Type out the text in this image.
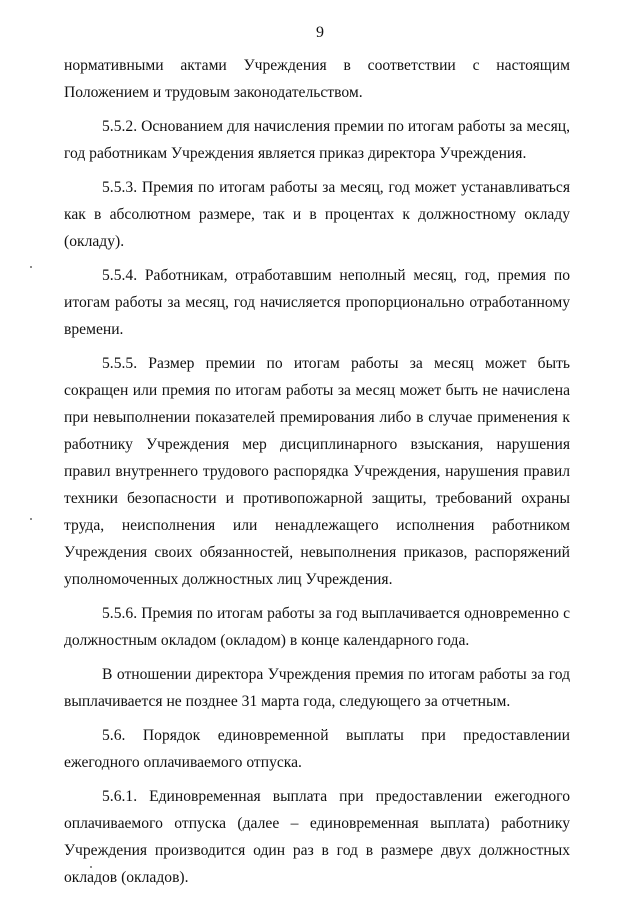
9

нормативными актами Учреждения в соответствии с настоящим Положением и трудовым законодательством.

5.5.2. Основанием для начисления премии по итогам работы за месяц, год работникам Учреждения является приказ директора Учреждения.

5.5.3. Премия по итогам работы за месяц, год может устанавливаться как в абсолютном размере, так и в процентах к должностному окладу (окладу).

5.5.4. Работникам, отработавшим неполный месяц, год, премия по итогам работы за месяц, год начисляется пропорционально отработанному времени.

5.5.5. Размер премии по итогам работы за месяц может быть сокращен или премия по итогам работы за месяц может быть не начислена при невыполнении показателей премирования либо в случае применения к работнику Учреждения мер дисциплинарного взыскания, нарушения правил внутреннего трудового распорядка Учреждения, нарушения правил техники безопасности и противопожарной защиты, требований охраны труда, неисполнения или ненадлежащего исполнения работником Учреждения своих обязанностей, невыполнения приказов, распоряжений уполномоченных должностных лиц Учреждения.

5.5.6. Премия по итогам работы за год выплачивается одновременно с должностным окладом (окладом) в конце календарного года.

В отношении директора Учреждения премия по итогам работы за год выплачивается не позднее 31 марта года, следующего за отчетным.

5.6. Порядок единовременной выплаты при предоставлении ежегодного оплачиваемого отпуска.

5.6.1. Единовременная выплата при предоставлении ежегодного оплачиваемого отпуска (далее – единовременная выплата) работнику Учреждения производится один раз в год в размере двух должностных окладов (окладов).
